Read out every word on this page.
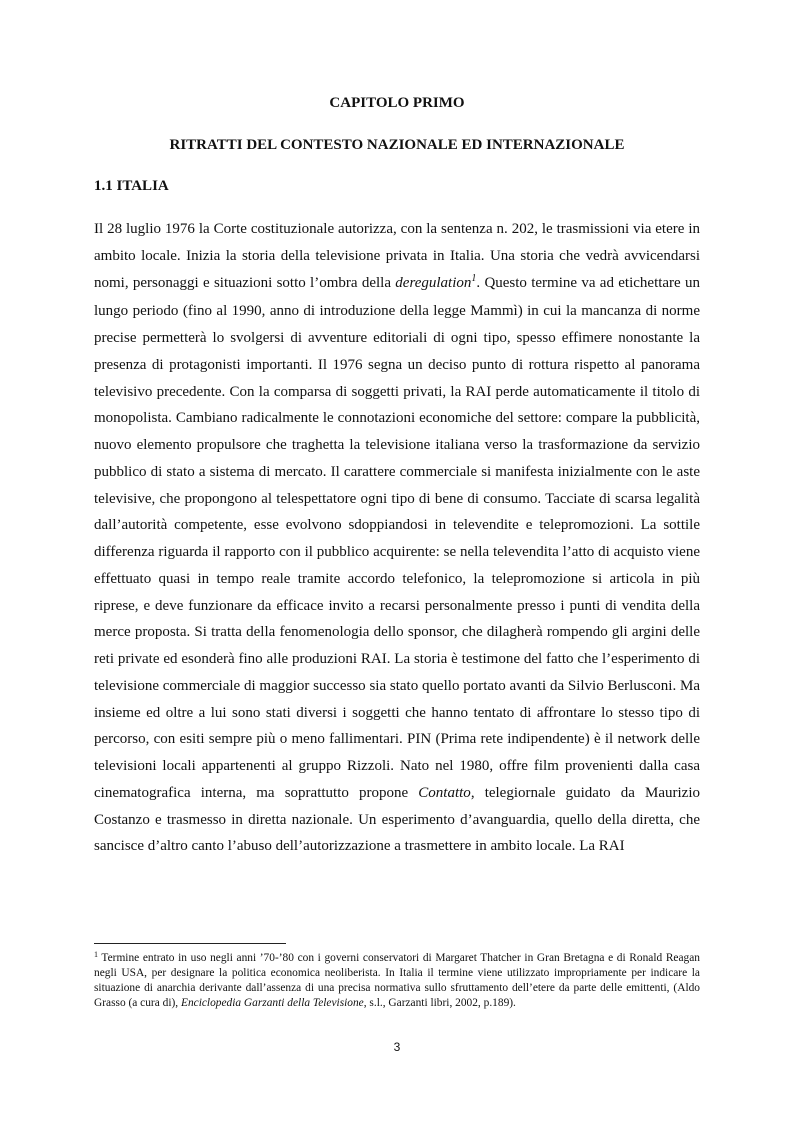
CAPITOLO PRIMO
RITRATTI DEL CONTESTO NAZIONALE ED INTERNAZIONALE
1.1 ITALIA

Il 28 luglio 1976 la Corte costituzionale autorizza, con la sentenza n. 202, le trasmissioni via etere in ambito locale. Inizia la storia della televisione privata in Italia. Una storia che vedrà avvicendarsi nomi, personaggi e situazioni sotto l’ombra della deregulation$^1$. Questo termine va ad etichettare un lungo periodo (fino al 1990, anno di introduzione della legge Mammì) in cui la mancanza di norme precise permetterà lo svolgersi di avventure editoriali di ogni tipo, spesso effimere nonostante la presenza di protagonisti importanti. Il 1976 segna un deciso punto di rottura rispetto al panorama televisivo precedente. Con la comparsa di soggetti privati, la RAI perde automaticamente il titolo di monopolista. Cambiano radicalmente le connotazioni economiche del settore: compare la pubblicità, nuovo elemento propulsore che traghetta la televisione italiana verso la trasformazione da servizio pubblico di stato a sistema di mercato. Il carattere commerciale si manifesta inizialmente con le aste televisive, che propongono al telespettatore ogni tipo di bene di consumo. Tacciate di scarsa legalità dall’autorità competente, esse evolvono sdoppiandosi in televendite e telepromozioni. La sottile differenza riguarda il rapporto con il pubblico acquirente: se nella televendita l’atto di acquisto viene effettuato quasi in tempo reale tramite accordo telefonico, la telepromozione si articola in più riprese, e deve funzionare da efficace invito a recarsi personalmente presso i punti di vendita della merce proposta. Si tratta della fenomenologia dello sponsor, che dilagherà rompendo gli argini delle reti private ed esonderà fino alle produzioni RAI. La storia è testimone del fatto che l’esperimento di televisione commerciale di maggior successo sia stato quello portato avanti da Silvio Berlusconi. Ma insieme ed oltre a lui sono stati diversi i soggetti che hanno tentato di affrontare lo stesso tipo di percorso, con esiti sempre più o meno fallimentari. PIN (Prima rete indipendente) è il network delle televisioni locali appartenenti al gruppo Rizzoli. Nato nel 1980, offre film provenienti dalla casa cinematografica interna, ma soprattutto propone Contatto, telegiornale guidato da Maurizio Costanzo e trasmesso in diretta nazionale. Un esperimento d’avanguardia, quello della diretta, che sancisce d’altro canto l’abuso dell’autorizzazione a trasmettere in ambito locale. La RAI

$^1$ Termine entrato in uso negli anni ’70-’80 con i governi conservatori di Margaret Thatcher in Gran Bretagna e di Ronald Reagan negli USA, per designare la politica economica neoliberista. In Italia il termine viene utilizzato impropriamente per indicare la situazione di anarchia derivante dall’assenza di una precisa normativa sullo sfruttamento dell’etere da parte delle emittenti, (Aldo Grasso (a cura di), Enciclopedia Garzanti della Televisione, s.l., Garzanti libri, 2002, p.189).

3
